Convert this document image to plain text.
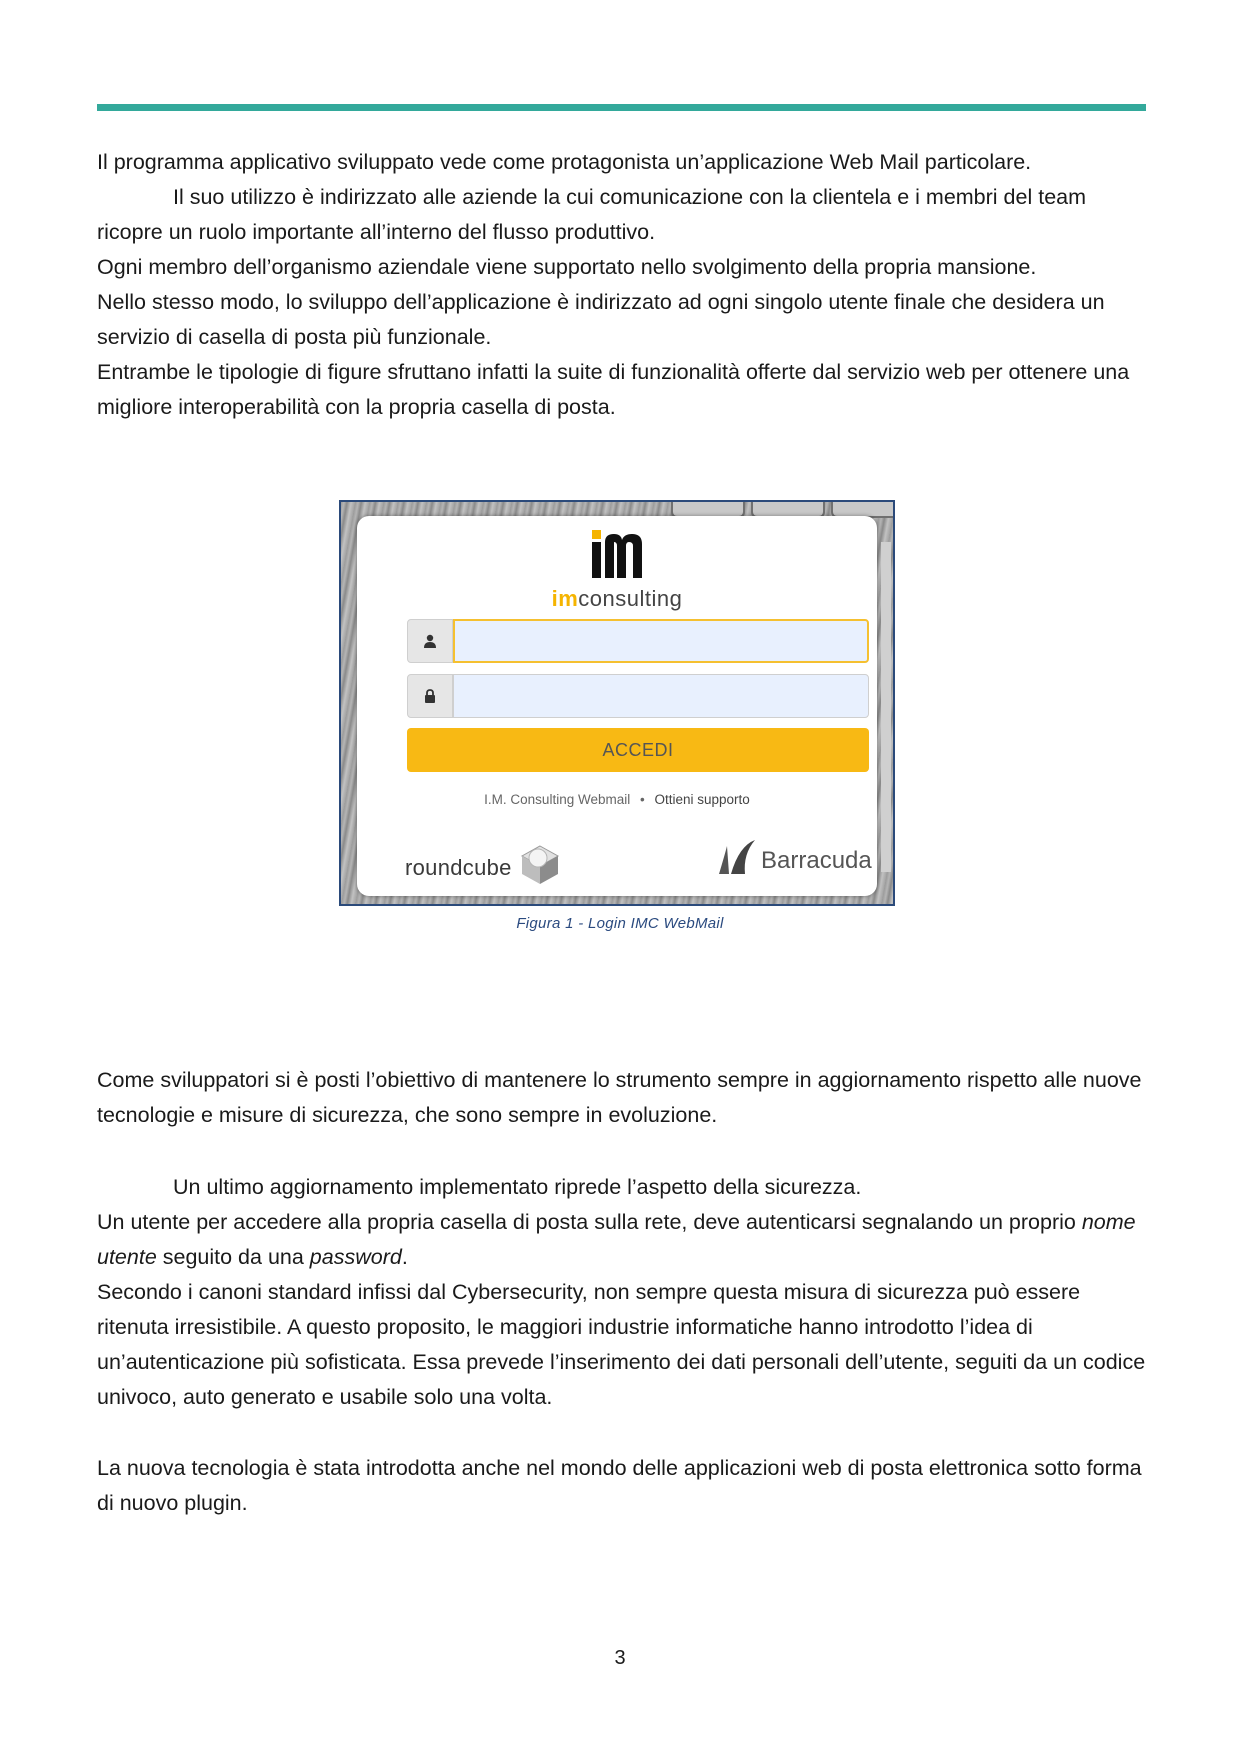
Il programma applicativo sviluppato vede come protagonista un’applicazione Web Mail particolare.

Il suo utilizzo è indirizzato alle aziende la cui comunicazione con la clientela e i membri del team ricopre un ruolo importante all’interno del flusso produttivo.

Ogni membro dell’organismo aziendale viene supportato nello svolgimento della propria mansione.

Nello stesso modo, lo sviluppo dell’applicazione è indirizzato ad ogni singolo utente finale che desidera un servizio di casella di posta più funzionale.

Entrambe le tipologie di figure sfruttano infatti la suite di funzionalità offerte dal servizio web per ottenere una migliore interoperabilità con la propria casella di posta.

imconsulting
ACCEDI
I.M. Consulting Webmail • Ottieni supporto
roundcube	Barracuda
Figura 1 - Login IMC WebMail

Come sviluppatori si è posti l’obiettivo di mantenere lo strumento sempre in aggiornamento rispetto alle nuove tecnologie e misure di sicurezza, che sono sempre in evoluzione.

Un ultimo aggiornamento implementato riprede l’aspetto della sicurezza.

Un utente per accedere alla propria casella di posta sulla rete, deve autenticarsi segnalando un proprio nome utente seguito da una password.

Secondo i canoni standard infissi dal Cybersecurity, non sempre questa misura di sicurezza può essere ritenuta irresistibile. A questo proposito, le maggiori industrie informatiche hanno introdotto l’idea di un’autenticazione più sofisticata. Essa prevede l’inserimento dei dati personali dell’utente, seguiti da un codice univoco, auto generato e usabile solo una volta.

La nuova tecnologia è stata introdotta anche nel mondo delle applicazioni web di posta elettronica sotto forma di nuovo plugin.

3
